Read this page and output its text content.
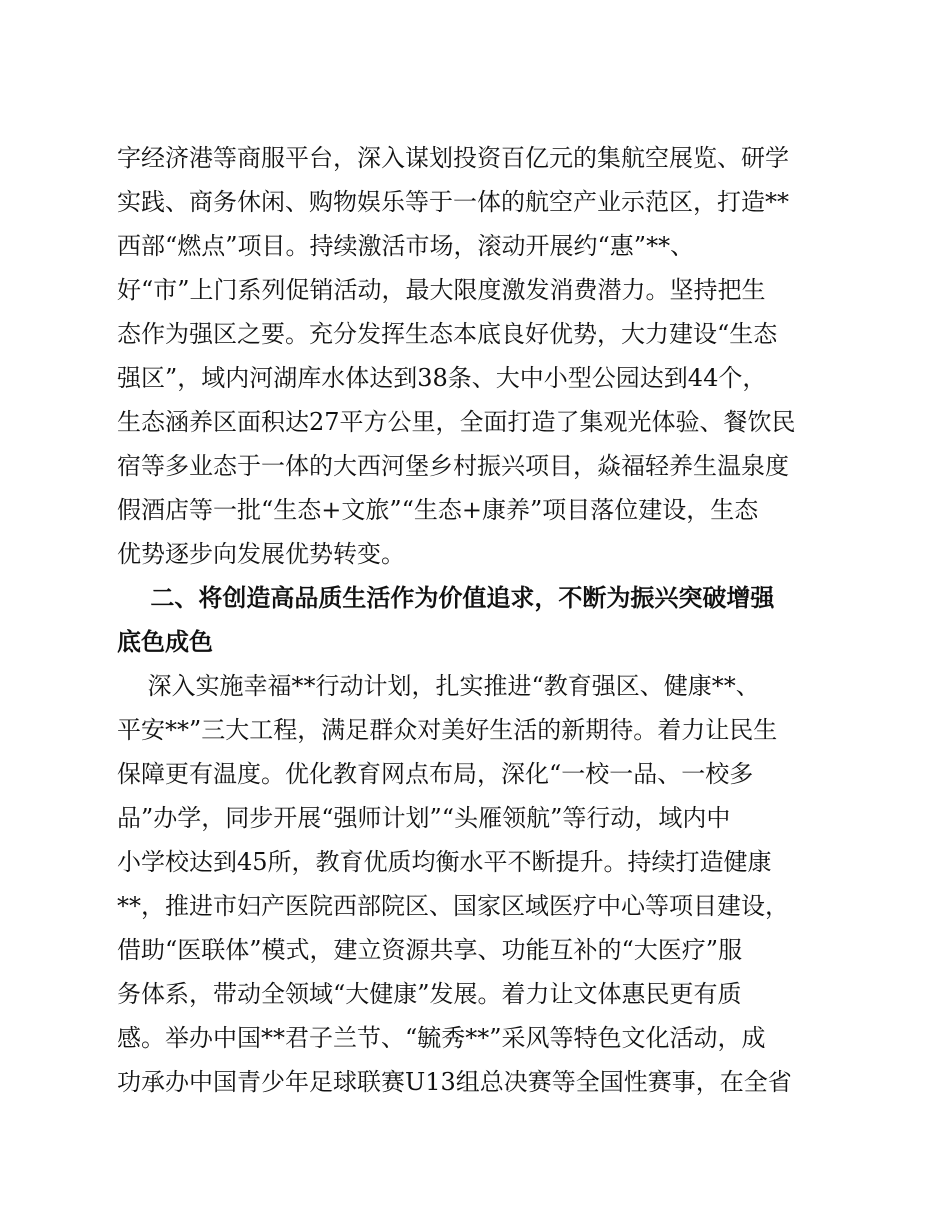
字经济港等商服平台，深入谋划投资百亿元的集航空展览、研学

实践、商务休闲、购物娱乐等于一体的航空产业示范区，打造**

西部“燃点”项目。持续激活市场，滚动开展约“惠”**、

好“市”上门系列促销活动，最大限度激发消费潜力。坚持把生

态作为强区之要。充分发挥生态本底良好优势，大力建设“生态

强区”，域内河湖库水体达到38条、大中小型公园达到44个，

生态涵养区面积达27平方公里，全面打造了集观光体验、餐饮民

宿等多业态于一体的大西河堡乡村振兴项目，焱福轻养生温泉度

假酒店等一批“生态+文旅”“生态+康养”项目落位建设，生态

优势逐步向发展优势转变。

二、将创造高品质生活作为价值追求，不断为振兴突破增强

底色成色

深入实施幸福**行动计划，扎实推进“教育强区、健康**、

平安**”三大工程，满足群众对美好生活的新期待。着力让民生

保障更有温度。优化教育网点布局，深化“一校一品、一校多

品”办学，同步开展“强师计划”“头雁领航”等行动，域内中

小学校达到45所，教育优质均衡水平不断提升。持续打造健康

**，推进市妇产医院西部院区、国家区域医疗中心等项目建设，

借助“医联体”模式，建立资源共享、功能互补的“大医疗”服

务体系，带动全领域“大健康”发展。着力让文体惠民更有质

感。举办中国**君子兰节、“毓秀**”采风等特色文化活动，成

功承办中国青少年足球联赛U13组总决赛等全国性赛事，在全省
